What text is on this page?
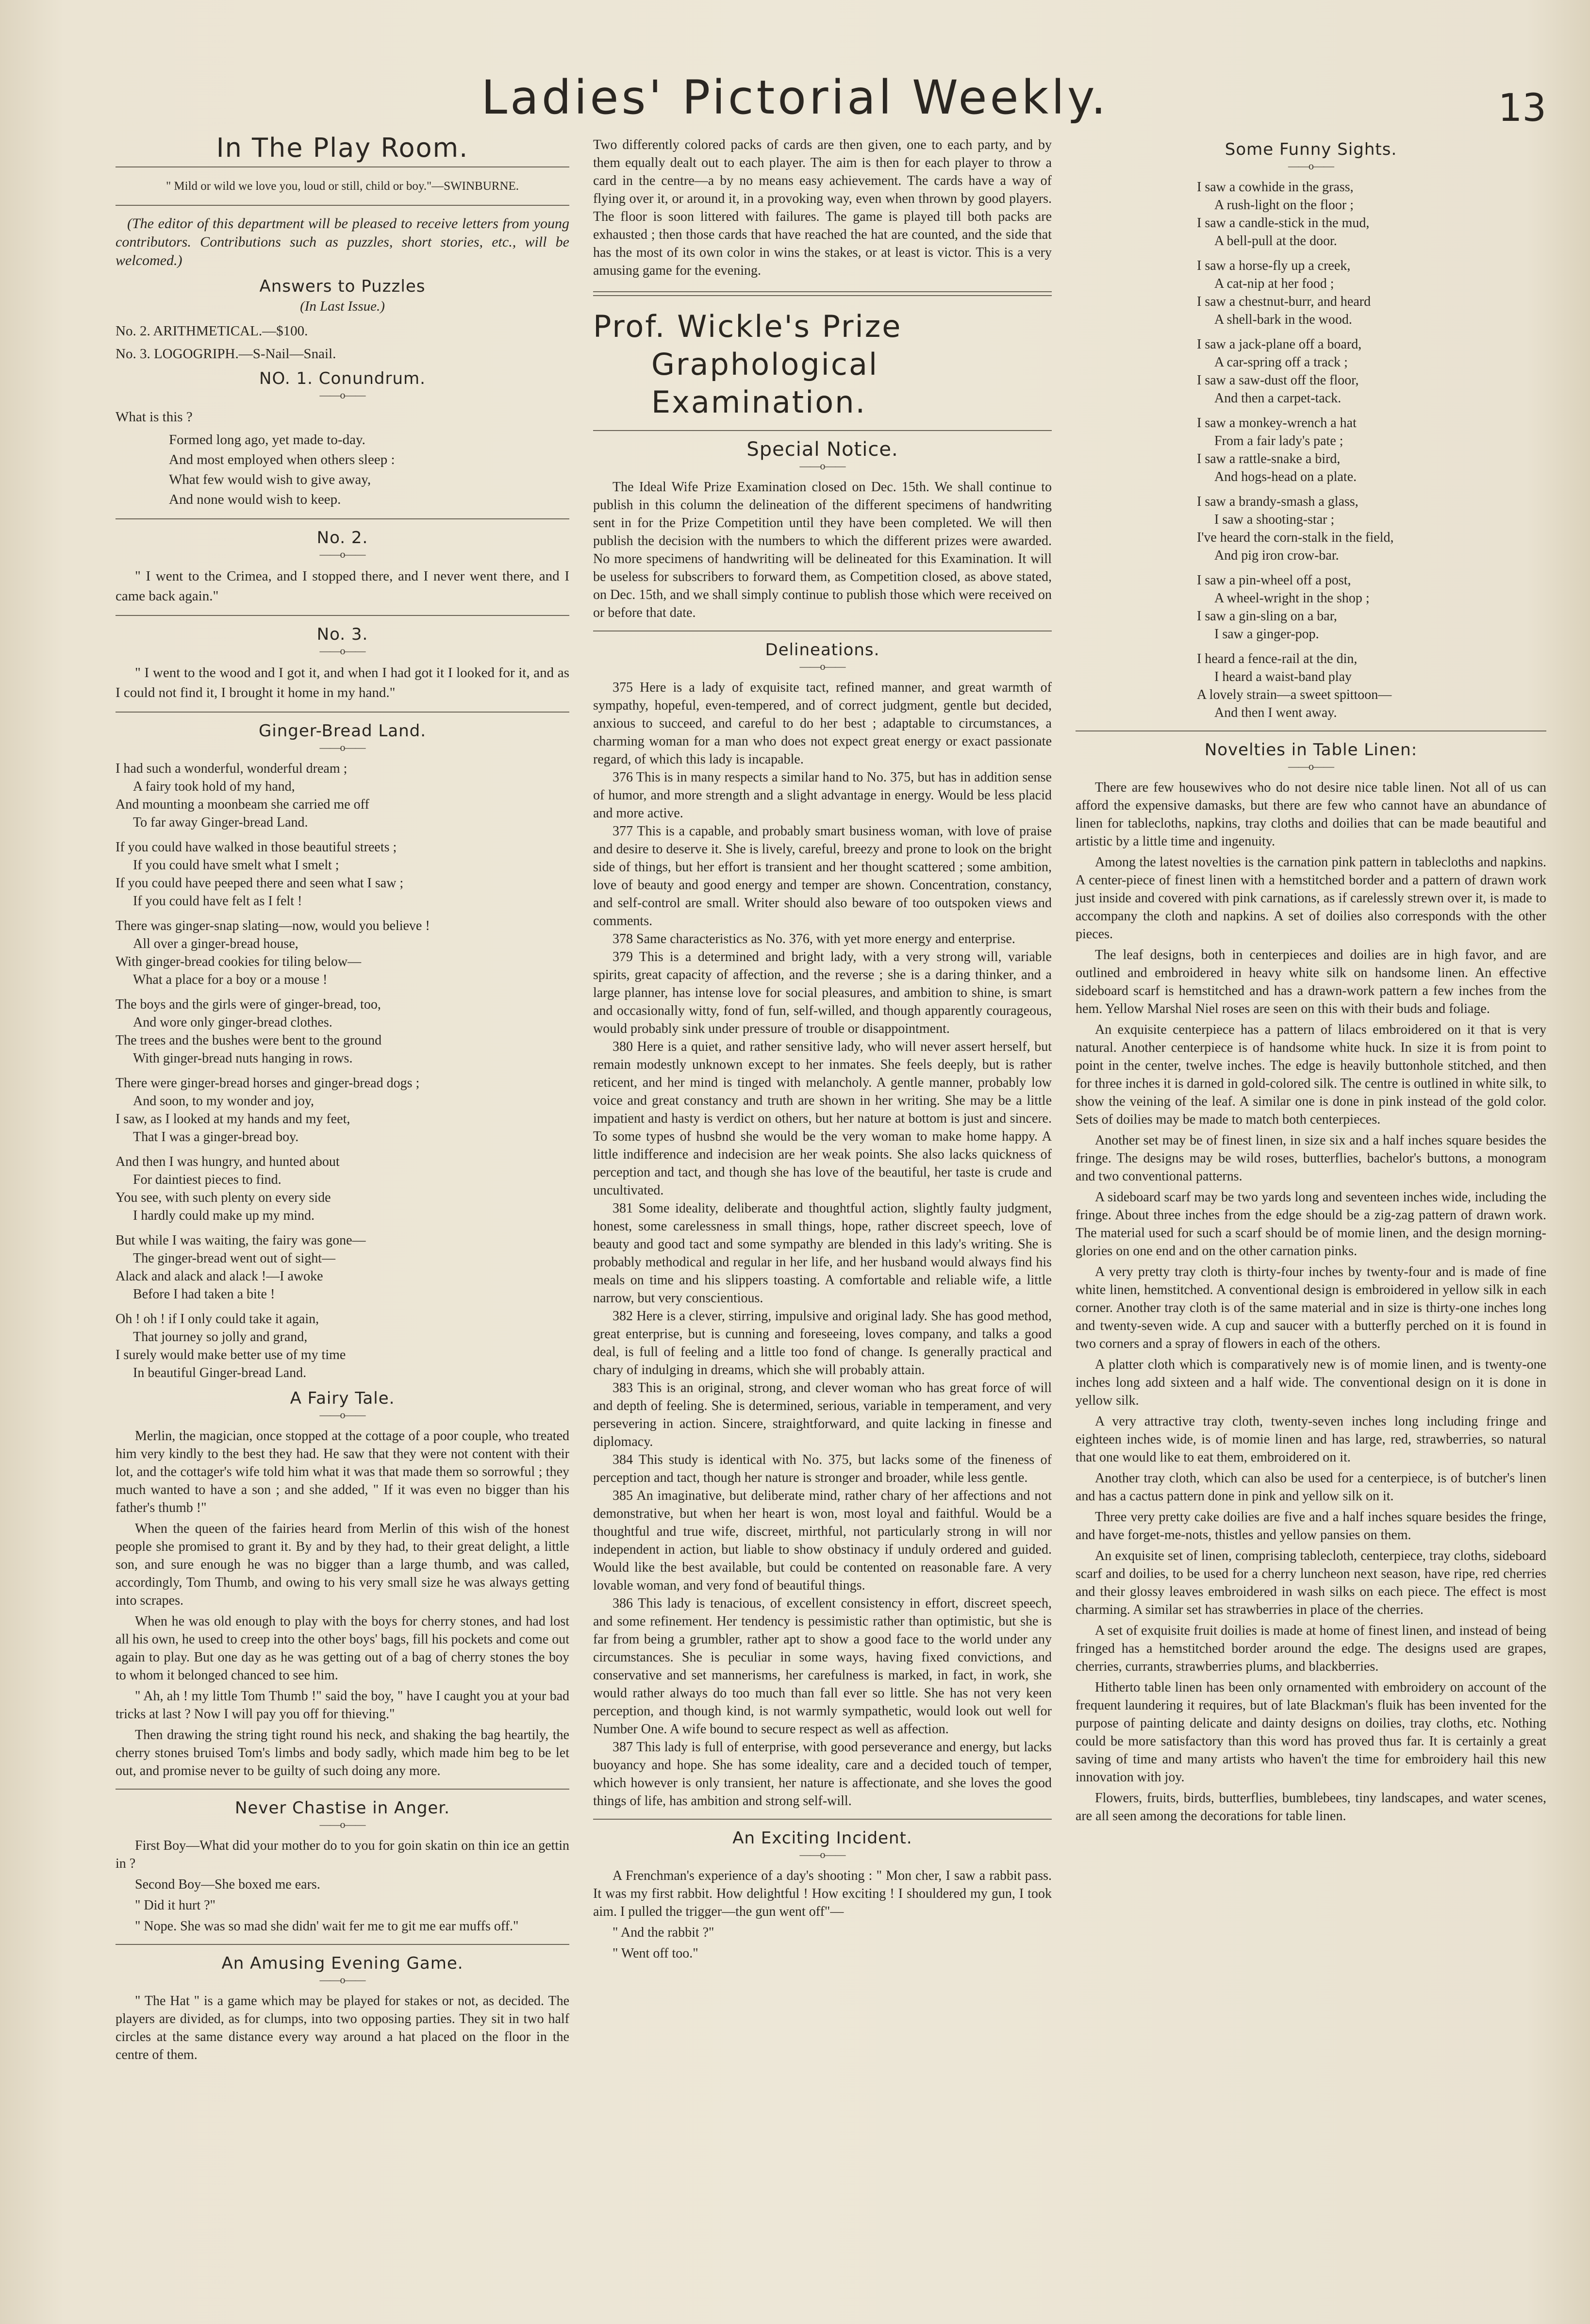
Ladies' Pictorial Weekly.	13
In The Play Room.
" Mild or wild we love you, loud or still, child or boy."—SWINBURNE.
(The editor of this department will be pleased to receive letters from young contributors. Contributions such as puzzles, short stories, etc., will be welcomed.)
Answers to Puzzles
(In Last Issue.)

No. 2. ARITHMETICAL.—$100.

No. 3. LOGOGRIPH.—S-Nail—Snail.

NO. 1. Conundrum.
——o——

What is this ?

Formed long ago, yet made to-day.
And most employed when others sleep :
What few would wish to give away,
And none would wish to keep.
No. 2.
——o——

" I went to the Crimea, and I stopped there, and I never went there, and I came back again."

No. 3.
——o——

" I went to the wood and I got it, and when I had got it I looked for it, and as I could not find it, I brought it home in my hand."

Ginger-Bread Land.
——o——
I had such a wonderful, wonderful dream ;
A fairy took hold of my hand,
And mounting a moonbeam she carried me off
To far away Ginger-bread Land.
If you could have walked in those beautiful streets ;
If you could have smelt what I smelt ;
If you could have peeped there and seen what I saw ;
If you could have felt as I felt !
There was ginger-snap slating—now, would you believe !
All over a ginger-bread house,
With ginger-bread cookies for tiling below—
What a place for a boy or a mouse !
The boys and the girls were of ginger-bread, too,
And wore only ginger-bread clothes.
The trees and the bushes were bent to the ground
With ginger-bread nuts hanging in rows.
There were ginger-bread horses and ginger-bread dogs ;
And soon, to my wonder and joy,
I saw, as I looked at my hands and my feet,
That I was a ginger-bread boy.
And then I was hungry, and hunted about
For daintiest pieces to find.
You see, with such plenty on every side
I hardly could make up my mind.
But while I was waiting, the fairy was gone—
The ginger-bread went out of sight—
Alack and alack and alack !—I awoke
Before I had taken a bite !
Oh ! oh ! if I only could take it again,
That journey so jolly and grand,
I surely would make better use of my time
In beautiful Ginger-bread Land.
A Fairy Tale.
——o——

Merlin, the magician, once stopped at the cottage of a poor couple, who treated him very kindly to the best they had. He saw that they were not content with their lot, and the cottager's wife told him what it was that made them so sorrowful ; they much wanted to have a son ; and she added, " If it was even no bigger than his father's thumb !"

When the queen of the fairies heard from Merlin of this wish of the honest people she promised to grant it. By and by they had, to their great delight, a little son, and sure enough he was no bigger than a large thumb, and was called, accordingly, Tom Thumb, and owing to his very small size he was always getting into scrapes.

When he was old enough to play with the boys for cherry stones, and had lost all his own, he used to creep into the other boys' bags, fill his pockets and come out again to play. But one day as he was getting out of a bag of cherry stones the boy to whom it belonged chanced to see him.

" Ah, ah ! my little Tom Thumb !" said the boy, " have I caught you at your bad tricks at last ? Now I will pay you off for thieving."

Then drawing the string tight round his neck, and shaking the bag heartily, the cherry stones bruised Tom's limbs and body sadly, which made him beg to be let out, and promise never to be guilty of such doing any more.

Never Chastise in Anger.
——o——

First Boy—What did your mother do to you for goin skatin on thin ice an gettin in ?

Second Boy—She boxed me ears.

" Did it hurt ?"

" Nope. She was so mad she didn' wait fer me to git me ear muffs off."

An Amusing Evening Game.
——o——

" The Hat " is a game which may be played for stakes or not, as decided. The players are divided, as for clumps, into two opposing parties. They sit in two half circles at the same distance every way around a hat placed on the floor in the centre of them.

Two differently colored packs of cards are then given, one to each party, and by them equally dealt out to each player. The aim is then for each player to throw a card in the centre—a by no means easy achievement. The cards have a way of flying over it, or around it, in a provoking way, even when thrown by good players. The floor is soon littered with failures. The game is played till both packs are exhausted ; then those cards that have reached the hat are counted, and the side that has the most of its own color in wins the stakes, or at least is victor. This is a very amusing game for the evening.

Prof. Wickle's Prize
Graphological Examination.
Special Notice.
——o——

The Ideal Wife Prize Examination closed on Dec. 15th. We shall continue to publish in this column the delineation of the different specimens of handwriting sent in for the Prize Competition until they have been completed. We will then publish the decision with the numbers to which the different prizes were awarded. No more specimens of handwriting will be delineated for this Examination. It will be useless for subscribers to forward them, as Competition closed, as above stated, on Dec. 15th, and we shall simply continue to publish those which were received on or before that date.

Delineations.
——o——

375 Here is a lady of exquisite tact, refined manner, and great warmth of sympathy, hopeful, even-tempered, and of correct judgment, gentle but decided, anxious to succeed, and careful to do her best ; adaptable to circumstances, a charming woman for a man who does not expect great energy or exact passionate regard, of which this lady is incapable.

376 This is in many respects a similar hand to No. 375, but has in addition sense of humor, and more strength and a slight advantage in energy. Would be less placid and more active.

377 This is a capable, and probably smart business woman, with love of praise and desire to deserve it. She is lively, careful, breezy and prone to look on the bright side of things, but her effort is transient and her thought scattered ; some ambition, love of beauty and good energy and temper are shown. Concentration, constancy, and self-control are small. Writer should also beware of too outspoken views and comments.

378 Same characteristics as No. 376, with yet more energy and enterprise.

379 This is a determined and bright lady, with a very strong will, variable spirits, great capacity of affection, and the reverse ; she is a daring thinker, and a large planner, has intense love for social pleasures, and ambition to shine, is smart and occasionally witty, fond of fun, self-willed, and though apparently courageous, would probably sink under pressure of trouble or disappointment.

380 Here is a quiet, and rather sensitive lady, who will never assert herself, but remain modestly unknown except to her inmates. She feels deeply, but is rather reticent, and her mind is tinged with melancholy. A gentle manner, probably low voice and great constancy and truth are shown in her writing. She may be a little impatient and hasty is verdict on others, but her nature at bottom is just and sincere. To some types of husbnd she would be the very woman to make home happy. A little indifference and indecision are her weak points. She also lacks quickness of perception and tact, and though she has love of the beautiful, her taste is crude and uncultivated.

381 Some ideality, deliberate and thoughtful action, slightly faulty judgment, honest, some carelessness in small things, hope, rather discreet speech, love of beauty and good tact and some sympathy are blended in this lady's writing. She is probably methodical and regular in her life, and her husband would always find his meals on time and his slippers toasting. A comfortable and reliable wife, a little narrow, but very conscientious.

382 Here is a clever, stirring, impulsive and original lady. She has good method, great enterprise, but is cunning and foreseeing, loves company, and talks a good deal, is full of feeling and a little too fond of change. Is generally practical and chary of indulging in dreams, which she will probably attain.

383 This is an original, strong, and clever woman who has great force of will and depth of feeling. She is determined, serious, variable in temperament, and very persevering in action. Sincere, straightforward, and quite lacking in finesse and diplomacy.

384 This study is identical with No. 375, but lacks some of the fineness of perception and tact, though her nature is stronger and broader, while less gentle.

385 An imaginative, but deliberate mind, rather chary of her affections and not demonstrative, but when her heart is won, most loyal and faithful. Would be a thoughtful and true wife, discreet, mirthful, not particularly strong in will nor independent in action, but liable to show obstinacy if unduly ordered and guided. Would like the best available, but could be contented on reasonable fare. A very lovable woman, and very fond of beautiful things.

386 This lady is tenacious, of excellent consistency in effort, discreet speech, and some refinement. Her tendency is pessimistic rather than optimistic, but she is far from being a grumbler, rather apt to show a good face to the world under any circumstances. She is peculiar in some ways, having fixed convictions, and conservative and set mannerisms, her carefulness is marked, in fact, in work, she would rather always do too much than fall ever so little. She has not very keen perception, and though kind, is not warmly sympathetic, would look out well for Number One. A wife bound to secure respect as well as affection.

387 This lady is full of enterprise, with good perseverance and energy, but lacks buoyancy and hope. She has some ideality, care and a decided touch of temper, which however is only transient, her nature is affectionate, and she loves the good things of life, has ambition and strong self-will.

An Exciting Incident.
——o——

A Frenchman's experience of a day's shooting : " Mon cher, I saw a rabbit pass. It was my first rabbit. How delightful ! How exciting ! I shouldered my gun, I took aim. I pulled the trigger—the gun went off"—

" And the rabbit ?"

" Went off too."

Some Funny Sights.
——o——
I saw a cowhide in the grass,
A rush-light on the floor ;
I saw a candle-stick in the mud,
A bell-pull at the door.
I saw a horse-fly up a creek,
A cat-nip at her food ;
I saw a chestnut-burr, and heard
A shell-bark in the wood.
I saw a jack-plane off a board,
A car-spring off a track ;
I saw a saw-dust off the floor,
And then a carpet-tack.
I saw a monkey-wrench a hat
From a fair lady's pate ;
I saw a rattle-snake a bird,
And hogs-head on a plate.
I saw a brandy-smash a glass,
I saw a shooting-star ;
I've heard the corn-stalk in the field,
And pig iron crow-bar.
I saw a pin-wheel off a post,
A wheel-wright in the shop ;
I saw a gin-sling on a bar,
I saw a ginger-pop.
I heard a fence-rail at the din,
I heard a waist-band play
A lovely strain—a sweet spittoon—
And then I went away.
Novelties in Table Linen:
——o——

There are few housewives who do not desire nice table linen. Not all of us can afford the expensive damasks, but there are few who cannot have an abundance of linen for tablecloths, napkins, tray cloths and doilies that can be made beautiful and artistic by a little time and ingenuity.

Among the latest novelties is the carnation pink pattern in tablecloths and napkins. A center-piece of finest linen with a hemstitched border and a pattern of drawn work just inside and covered with pink carnations, as if carelessly strewn over it, is made to accompany the cloth and napkins. A set of doilies also corresponds with the other pieces.

The leaf designs, both in centerpieces and doilies are in high favor, and are outlined and embroidered in heavy white silk on handsome linen. An effective sideboard scarf is hemstitched and has a drawn-work pattern a few inches from the hem. Yellow Marshal Niel roses are seen on this with their buds and foliage.

An exquisite centerpiece has a pattern of lilacs embroidered on it that is very natural. Another centerpiece is of handsome white huck. In size it is from point to point in the center, twelve inches. The edge is heavily buttonhole stitched, and then for three inches it is darned in gold-colored silk. The centre is outlined in white silk, to show the veining of the leaf. A similar one is done in pink instead of the gold color. Sets of doilies may be made to match both centerpieces.

Another set may be of finest linen, in size six and a half inches square besides the fringe. The designs may be wild roses, butterflies, bachelor's buttons, a monogram and two conventional patterns.

A sideboard scarf may be two yards long and seventeen inches wide, including the fringe. About three inches from the edge should be a zig-zag pattern of drawn work. The material used for such a scarf should be of momie linen, and the design morning-glories on one end and on the other carnation pinks.

A very pretty tray cloth is thirty-four inches by twenty-four and is made of fine white linen, hemstitched. A conventional design is embroidered in yellow silk in each corner. Another tray cloth is of the same material and in size is thirty-one inches long and twenty-seven wide. A cup and saucer with a butterfly perched on it is found in two corners and a spray of flowers in each of the others.

A platter cloth which is comparatively new is of momie linen, and is twenty-one inches long add sixteen and a half wide. The conventional design on it is done in yellow silk.

A very attractive tray cloth, twenty-seven inches long including fringe and eighteen inches wide, is of momie linen and has large, red, strawberries, so natural that one would like to eat them, embroidered on it.

Another tray cloth, which can also be used for a centerpiece, is of butcher's linen and has a cactus pattern done in pink and yellow silk on it.

Three very pretty cake doilies are five and a half inches square besides the fringe, and have forget-me-nots, thistles and yellow pansies on them.

An exquisite set of linen, comprising tablecloth, centerpiece, tray cloths, sideboard scarf and doilies, to be used for a cherry luncheon next season, have ripe, red cherries and their glossy leaves embroidered in wash silks on each piece. The effect is most charming. A similar set has strawberries in place of the cherries.

A set of exquisite fruit doilies is made at home of finest linen, and instead of being fringed has a hemstitched border around the edge. The designs used are grapes, cherries, currants, strawberries plums, and blackberries.

Hitherto table linen has been only ornamented with embroidery on account of the frequent laundering it requires, but of late Blackman's fluik has been invented for the purpose of painting delicate and dainty designs on doilies, tray cloths, etc. Nothing could be more satisfactory than this word has proved thus far. It is certainly a great saving of time and many artists who haven't the time for embroidery hail this new innovation with joy.

Flowers, fruits, birds, butterflies, bumblebees, tiny landscapes, and water scenes, are all seen among the decorations for table linen.
